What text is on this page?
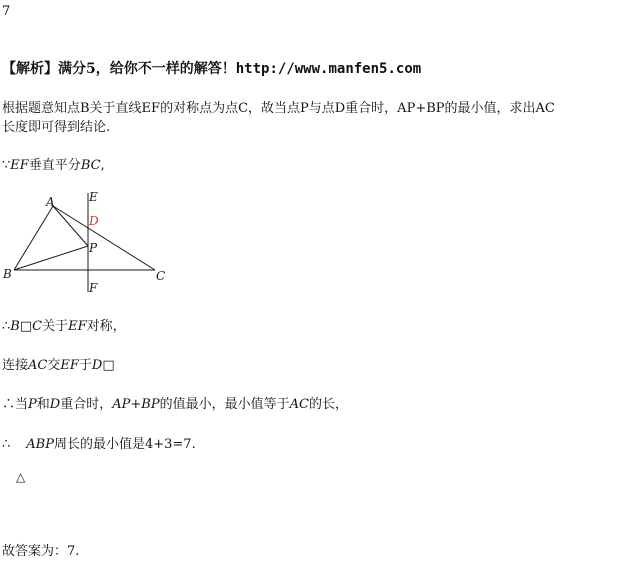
7
【解析】满分5，给你不一样的解答！http://www.manfen5.com
根据题意知点B关于直线EF的对称点为点C，故当点P与点D重合时，AP+BP的最小值，求出AC
长度即可得到结论.
∵EF垂直平分BC,
A	E
D
P
B	C
F
∴B□C关于EF对称，
连接AC交EF于D□
∴当P和D重合时，AP+BP的值最小，最小值等于AC的长，
∴ ABP周长的最小值是4+3=7.
△
故答案为：7.
